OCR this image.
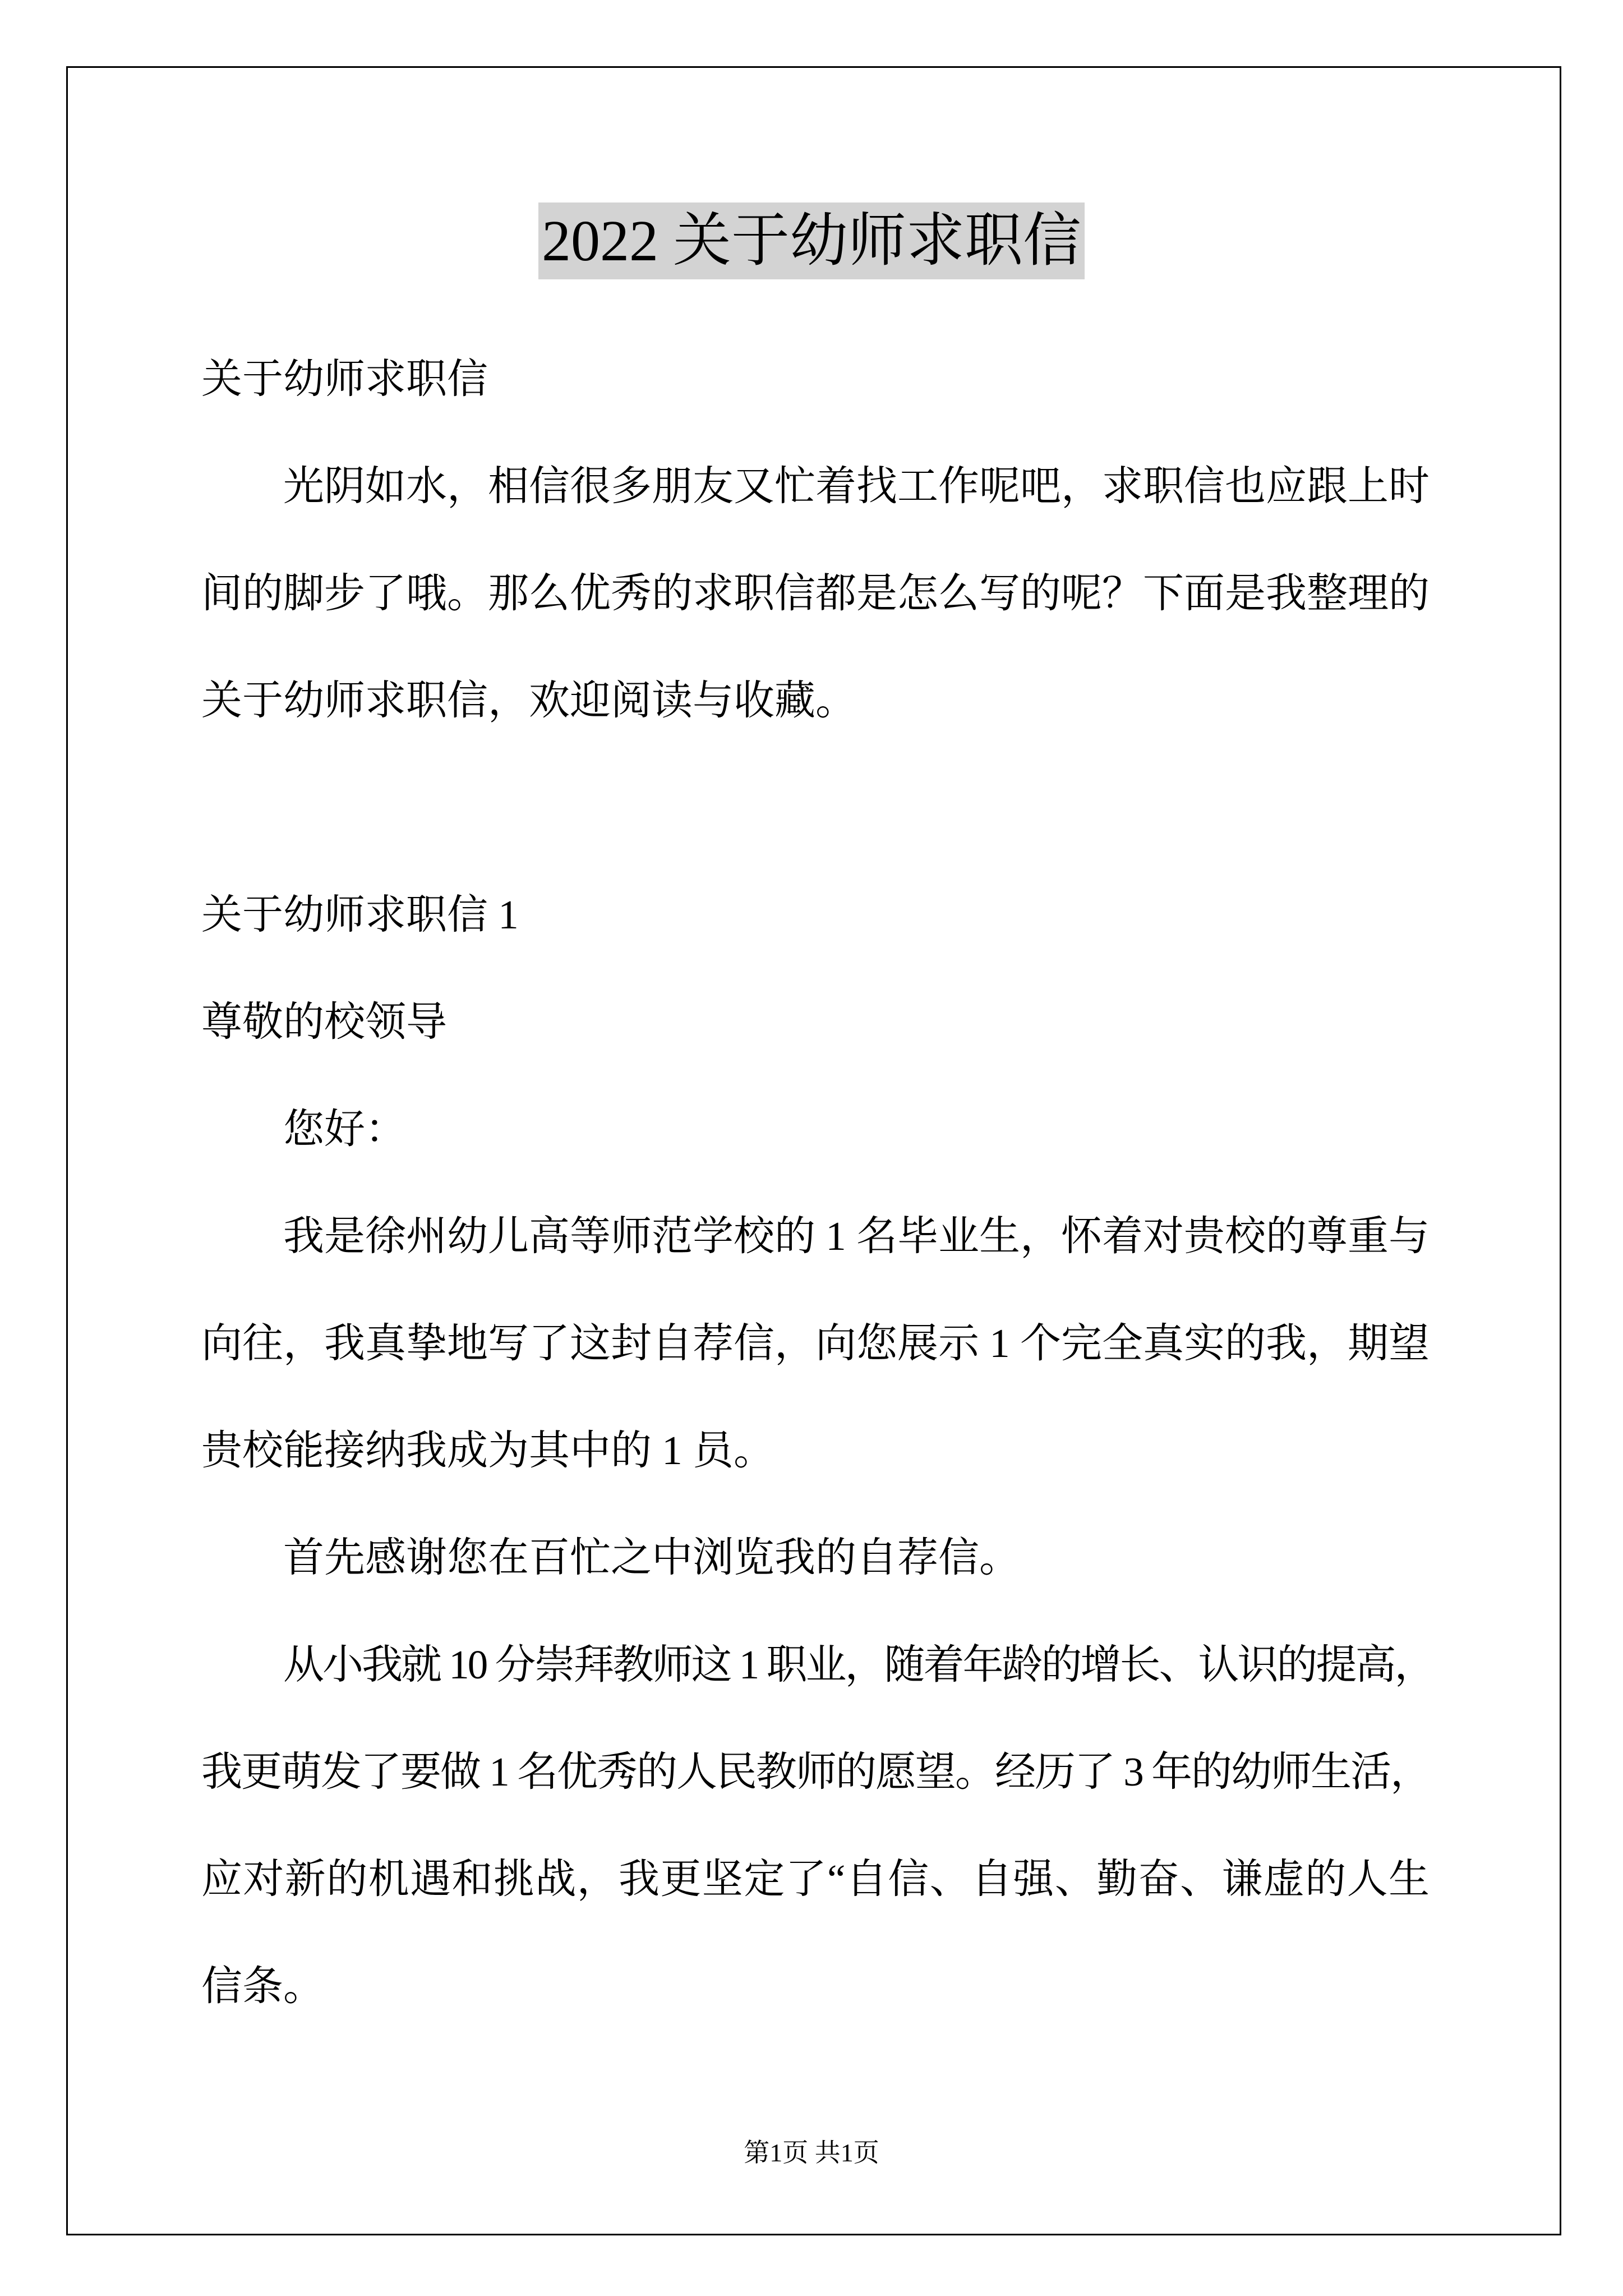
2022 关于幼师求职信
关于幼师求职信
光阴如水，相信很多朋友又忙着找工作呢吧，求职信也应跟上时
间的脚步了哦。那么优秀的求职信都是怎么写的呢？下面是我整理的
关于幼师求职信，欢迎阅读与收藏。
关于幼师求职信 1
尊敬的校领导
您好：
我是徐州幼儿高等师范学校的 1 名毕业生，怀着对贵校的尊重与
向往，我真挚地写了这封自荐信，向您展示 1 个完全真实的我，期望
贵校能接纳我成为其中的 1 员。
首先感谢您在百忙之中浏览我的自荐信。
从小我就 10 分崇拜教师这 1 职业，随着年龄的增长、认识的提高，
我更萌发了要做 1 名优秀的人民教师的愿望。经历了 3 年的幼师生活，
应对新的机遇和挑战，我更坚定了“自信、自强、勤奋、谦虚的人生
信条。
第1页 共1页
